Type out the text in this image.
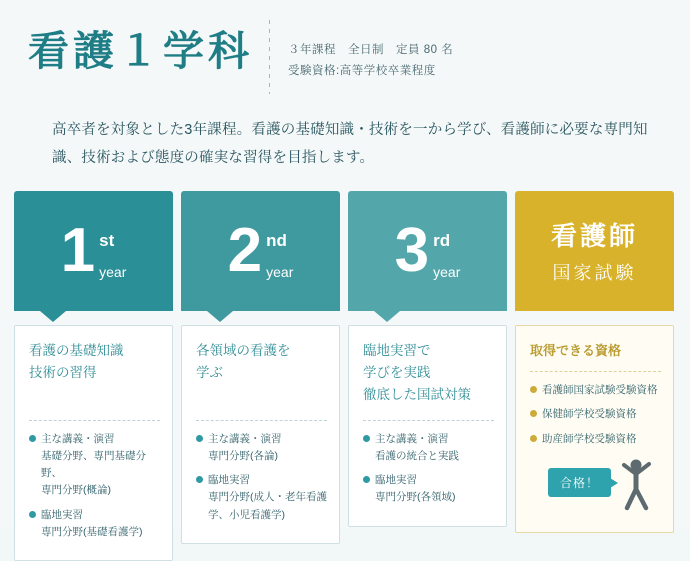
看護１学科	３年課程　全日制　定員 80 名
受験資格:高等学校卒業程度
高卒者を対象とした3年課程。看護の基礎知識・技術を一から学び、看護師に必要な専門知識、技術および態度の確実な習得を目指します。
1 st
year
看護の基礎知識
技術の習得
主な講義・演習
基礎分野、専門基礎分野、
専門分野(概論)
臨地実習
専門分野(基礎看護学)
2 nd
year
各領域の看護を
学ぶ
主な講義・演習
専門分野(各論)
臨地実習
専門分野(成人・老年看護
学、小児看護学)
3 rd
year
臨地実習で
学びを実践
徹底した国試対策
主な講義・演習
看護の統合と実践
臨地実習
専門分野(各領域)
看護師
国家試験
取得できる資格
看護師国家試験受験資格
保健師学校受験資格
助産師学校受験資格
合格！
